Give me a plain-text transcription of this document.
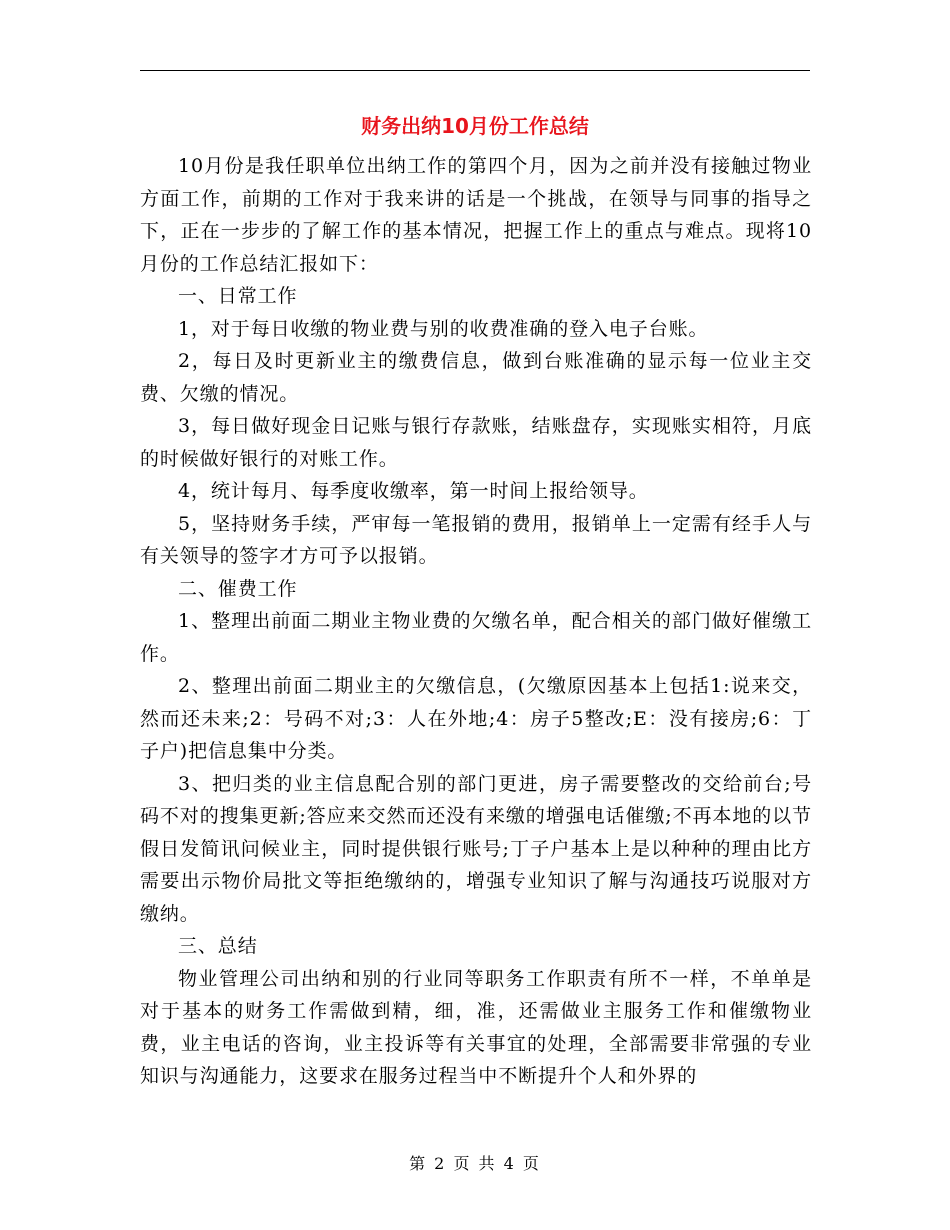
财务出纳10月份工作总结

10月份是我任职单位出纳工作的第四个月，因为之前并没有接触过物业方面工作，前期的工作对于我来讲的话是一个挑战，在领导与同事的指导之下，正在一步步的了解工作的基本情况，把握工作上的重点与难点。现将10月份的工作总结汇报如下：

一、日常工作

1，对于每日收缴的物业费与别的收费准确的登入电子台账。

2，每日及时更新业主的缴费信息，做到台账准确的显示每一位业主交费、欠缴的情况。

3，每日做好现金日记账与银行存款账，结账盘存，实现账实相符，月底的时候做好银行的对账工作。

4，统计每月、每季度收缴率，第一时间上报给领导。

5，坚持财务手续，严审每一笔报销的费用，报销单上一定需有经手人与有关领导的签字才方可予以报销。

二、催费工作

1、整理出前面二期业主物业费的欠缴名单，配合相关的部门做好催缴工作。

2、整理出前面二期业主的欠缴信息，(欠缴原因基本上包括1:说来交，然而还未来;2：号码不对;3：人在外地;4：房子5整改;E：没有接房;6：丁子户)把信息集中分类。

3、把归类的业主信息配合别的部门更进，房子需要整改的交给前台;号码不对的搜集更新;答应来交然而还没有来缴的增强电话催缴;不再本地的以节假日发简讯问候业主，同时提供银行账号;丁子户基本上是以种种的理由比方需要出示物价局批文等拒绝缴纳的，增强专业知识了解与沟通技巧说服对方缴纳。

三、总结

物业管理公司出纳和别的行业同等职务工作职责有所不一样，不单单是对于基本的财务工作需做到精，细，准，还需做业主服务工作和催缴物业费，业主电话的咨询，业主投诉等有关事宜的处理，全部需要非常强的专业知识与沟通能力，这要求在服务过程当中不断提升个人和外界的

第 2 页 共 4 页
